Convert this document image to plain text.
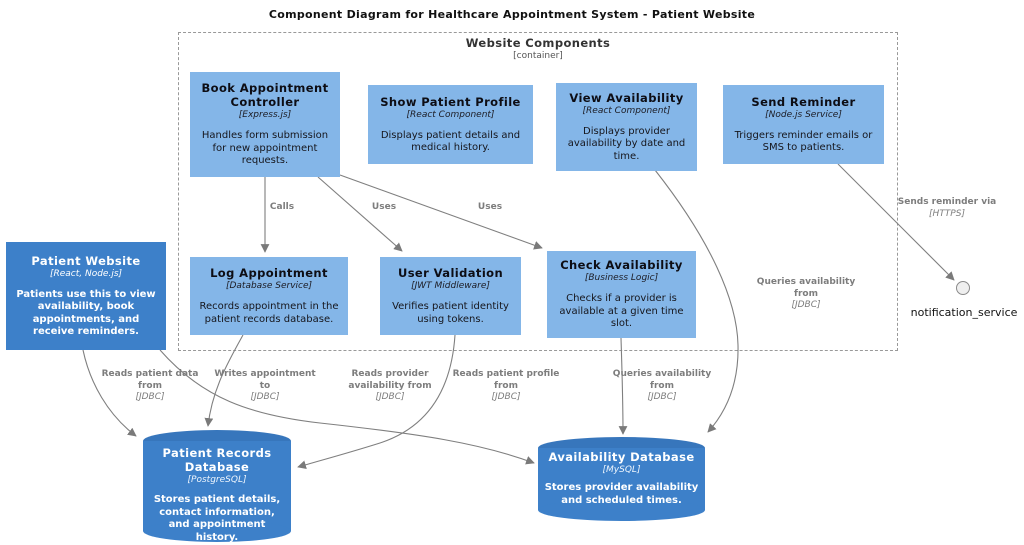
Component Diagram for Healthcare Appointment System - Patient Website
Website Components
[container]
Book Appointment Controller
[Express.js]
Handles form submission for new appointment requests.
Show Patient Profile
[React Component]
Displays patient details and medical history.
View Availability
[React Component]
Displays provider availability by date and time.
Send Reminder
[Node.js Service]
Triggers reminder emails or SMS to patients.
Log Appointment
[Database Service]
Records appointment in the patient records database.
User Validation
[JWT Middleware]
Verifies patient identity using tokens.
Check Availability
[Business Logic]
Checks if a provider is available at a given time slot.
Patient Website
[React, Node.js]
Patients use this to view availability, book appointments, and receive reminders.
Patient Records Database
[PostgreSQL]
Stores patient details, contact information, and appointment history.
Availability Database
[MySQL]
Stores provider availability and scheduled times.
notification_service
Calls	Uses	Uses	Sends reminder via
[HTTPS]
Queries availability
from
[JDBC]
Reads patient data
from
[JDBC]
Writes appointment
to
[JDBC]
Reads provider
availability from
[JDBC]
Reads patient profile
from
[JDBC]
Queries availability
from
[JDBC]
